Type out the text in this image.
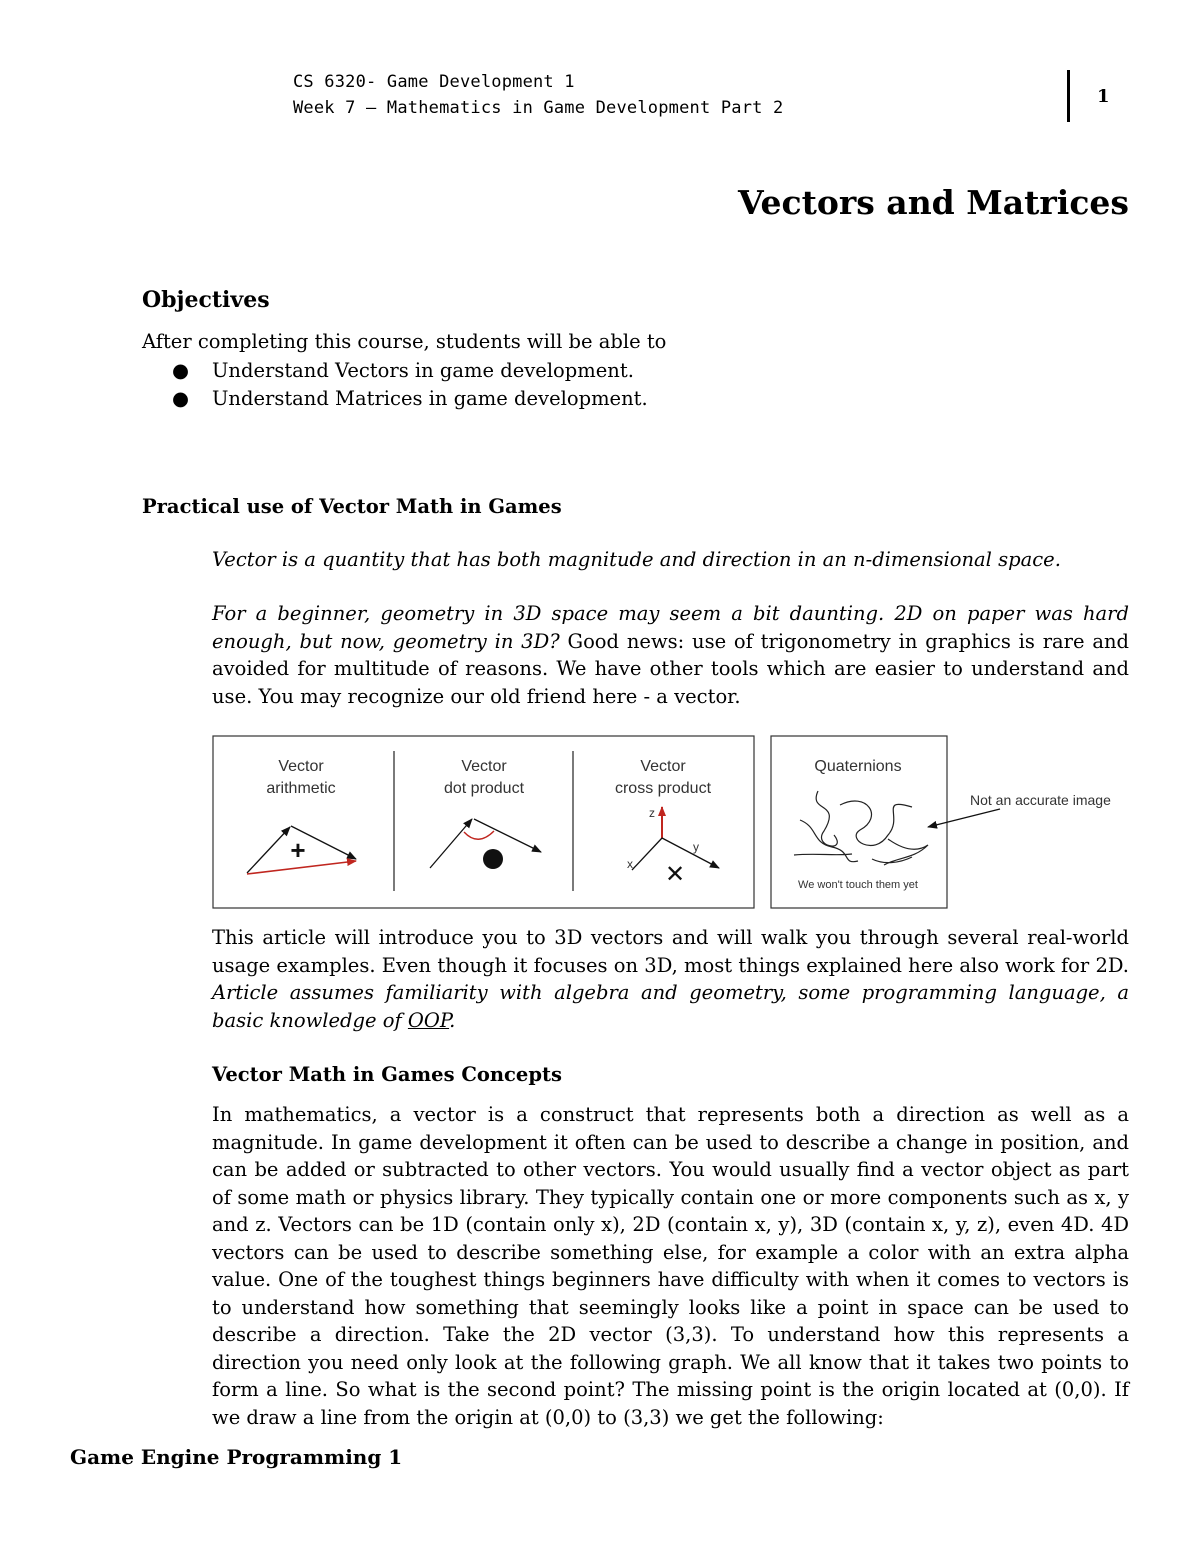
CS 6320- Game Development 1
Week 7 – Mathematics in Game Development Part 2
1
Vectors and Matrices
Objectives
After completing this course, students will be able to
● Understand Vectors in game development.
● Understand Matrices in game development.
Practical use of Vector Math in Games
Vector is a quantity that has both magnitude and direction in an n-dimensional space.
For a beginner, geometry in 3D space may seem a bit daunting. 2D on paper was hard enough, but now, geometry in 3D? Good news: use of trigonometry in graphics is rare and avoided for multitude of reasons. We have other tools which are easier to understand and use. You may recognize our old friend here - a vector.
Vector
arithmetic
+
Vector
dot product
Vector
cross product
z
x
y
✕
Quaternions
We won't touch them yet
Not an accurate image
This article will introduce you to 3D vectors and will walk you through several real-world usage examples. Even though it focuses on 3D, most things explained here also work for 2D. Article assumes familiarity with algebra and geometry, some programming language, a basic knowledge of OOP.
Vector Math in Games Concepts
In mathematics, a vector is a construct that represents both a direction as well as a magnitude. In game development it often can be used to describe a change in position, and can be added or subtracted to other vectors. You would usually find a vector object as part of some math or physics library. They typically contain one or more components such as x, y and z. Vectors can be 1D (contain only x), 2D (contain x, y), 3D (contain x, y, z), even 4D. 4D vectors can be used to describe something else, for example a color with an extra alpha value. One of the toughest things beginners have difficulty with when it comes to vectors is to understand how something that seemingly looks like a point in space can be used to describe a direction. Take the 2D vector (3,3). To understand how this represents a direction you need only look at the following graph. We all know that it takes two points to form a line. So what is the second point? The missing point is the origin located at (0,0). If we draw a line from the origin at (0,0) to (3,3) we get the following:
Game Engine Programming 1
